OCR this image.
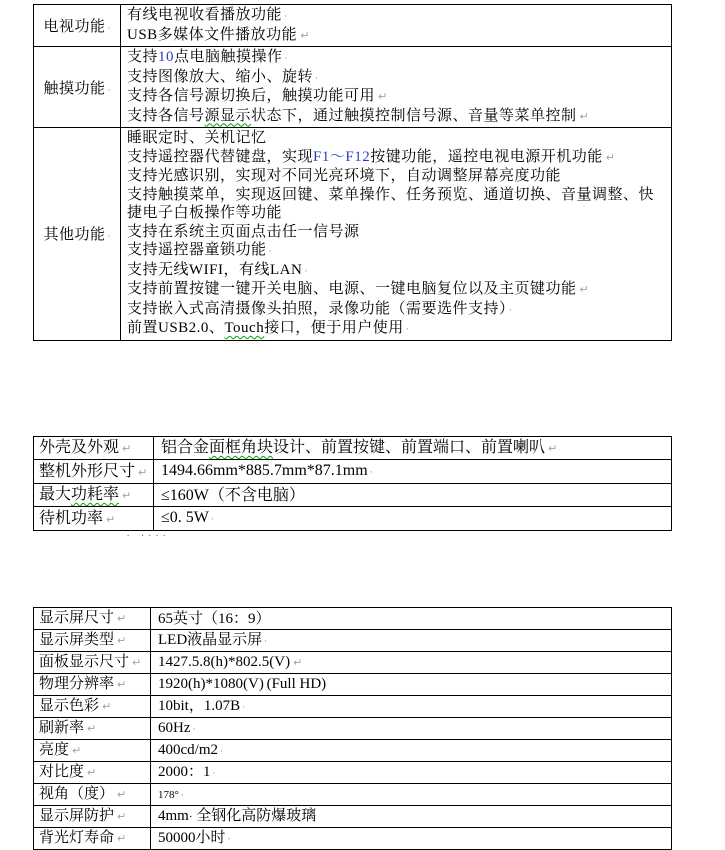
电视功能 ·	有线电视收看播放功能 ·
USB多媒体文件播放功能 ↵

触摸功能 ·	支持10点电脑触摸操作 ·
支持图像放大、缩小、旋转 ·
支持各信号源切换后，触摸功能可用 ↵
支持各信号源显示状态下，通过触摸控制信号源、音量等菜单控制 ↵

其他功能 ·	
睡眠定时、关机记忆
支持遥控器代替键盘，实现F1～F12按键功能，遥控电视电源开机功能 ↵
支持光感识别，实现对不同光亮环境下，自动调整屏幕亮度功能
支持触摸菜单，实现返回键、菜单操作、任务预览、通道切换、音量调整、快捷电子白板操作等功能
支持在系统主页面点击任一信号源
支持遥控器童锁功能 ·
支持无线WIFI，有线LAN ·
支持前置按键一键开关电脑、电源、一键电脑复位以及主页键功能 ↵
支持嵌入式高清摄像头拍照，录像功能（需要选件支持） ·
前置USB2.0、Touch接口，便于用户使用 ·
外壳及外观 ↵	铝合金面框角块设计、前置按键、前置端口、前置喇叭 ↵

整机外形尺寸 ↵	1494.66mm*885.7mm*87.1mm ·

最大功耗率 ↵	≤160W（不含电脑）

待机功率 ↵	≤0. 5W ·
显示屏尺寸 ↵	65英寸（16：9）

显示屏类型 ↵	LED液晶显示屏 ·

面板显示尺寸 ↵	1427.5.8(h)*802.5(V) ↵

物理分辨率 ↵	1920(h)*1080(V) (Full HD)

显示色彩 ↵	10bit，1.07B ·

刷新率 ↵	60Hz ·

亮度 ↵	400cd/m2 ·

对比度 ↵	2000：1 ·

视角（度） ↵	178° ·

显示屏防护 ↵	4mm· 全钢化高防爆玻璃

背光灯寿命 ↵	50000小时 ·
· ····
